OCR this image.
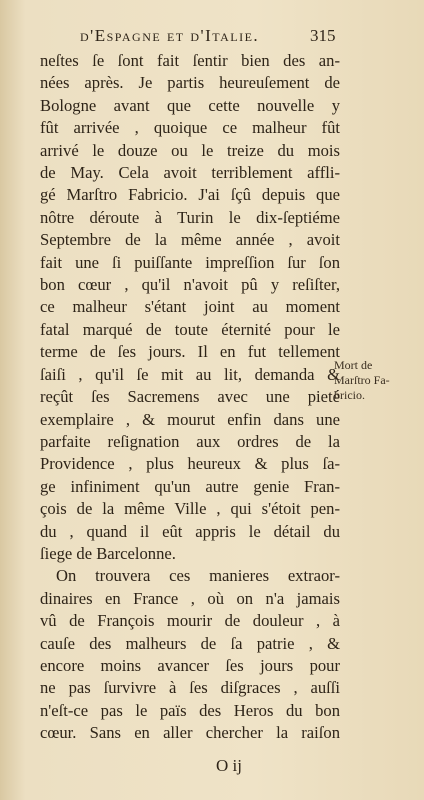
d'Espagne et d'Italie.	315
neſtes ſe ſont fait ſentir bien des an-
nées après. Je partis heureuſement de
Bologne avant que cette nouvelle y
fût arrivée , quoique ce malheur fût
arrivé le douze ou le treize du mois
de May. Cela avoit terriblement affli-
gé Marſtro Fabricio. J'ai ſçû depuis que
nôtre déroute à Turin le dix-ſeptiéme
Septembre de la même année , avoit
fait une ſi puiſſante impreſſion ſur ſon
bon cœur , qu'il n'avoit pû y reſiſter,
ce malheur s'étant joint au moment
fatal marqué de toute éternité pour le
terme de ſes jours. Il en fut tellement
ſaiſi , qu'il ſe mit au lit, demanda &
reçût ſes Sacremens avec une pieté
exemplaire , & mourut enfin dans une
parfaite reſignation aux ordres de la
Providence , plus heureux & plus ſa-
ge infiniment qu'un autre genie Fran-
çois de la même Ville , qui s'étoit pen-
du , quand il eût appris le détail du
ſiege de Barcelonne.
On trouvera ces manieres extraor-
dinaires en France , où on n'a jamais
vû de François mourir de douleur , à
cauſe des malheurs de ſa patrie , &
encore moins avancer ſes jours pour
ne pas ſurvivre à ſes diſgraces , auſſi
n'eſt-ce pas le païs des Heros du bon
cœur. Sans en aller chercher la raiſon
Mort de
Marſtro Fa-
bricio.
O ij
